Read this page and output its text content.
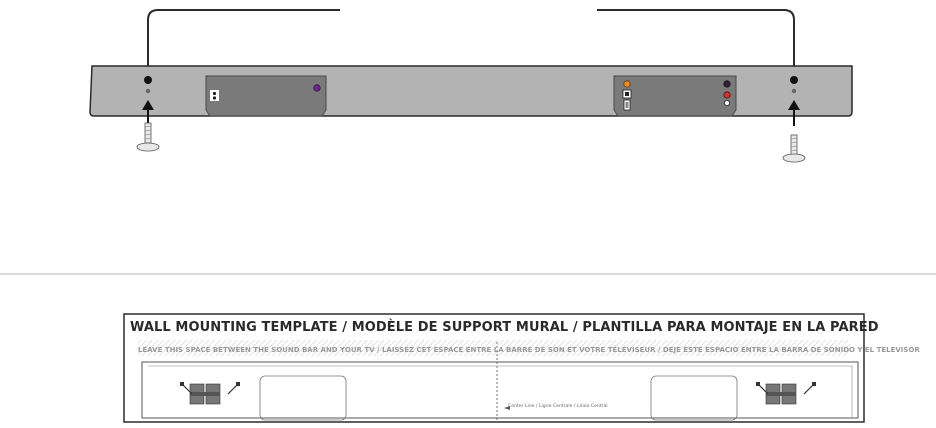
WALL MOUNTING TEMPLATE / MODÈLE DE SUPPORT MURAL / PLANTILLA PARA MONTAJE EN LA PARED
LEAVE THIS SPACE BETWEEN THE SOUND BAR AND YOUR TV / LAISSEZ CET ESPACE ENTRE LA BARRE DE SON ET VOTRE TÉLÉVISEUR / DEJE ESTE ESPACIO ENTRE LA BARRA DE SONIDO Y EL TELEVISOR
Center Line / Ligne Centrale / Línea Central
